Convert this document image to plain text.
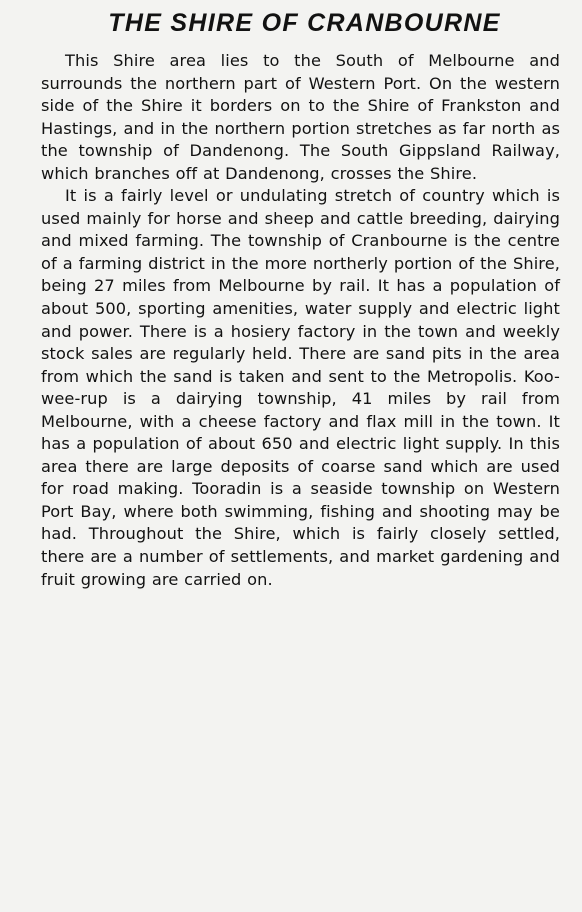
THE SHIRE OF CRANBOURNE

This Shire area lies to the South of Melbourne and surrounds the northern part of Western Port. On the western side of the Shire it borders on to the Shire of Frankston and Hastings, and in the northern portion stretches as far north as the township of Dandenong. The South Gippsland Railway, which branches off at Dandenong, crosses the Shire.

It is a fairly level or undulating stretch of country which is used mainly for horse and sheep and cattle breeding, dairying and mixed farming. The township of Cranbourne is the centre of a farming district in the more northerly portion of the Shire, being 27 miles from Melbourne by rail. It has a population of about 500, sporting amenities, water supply and electric light and power. There is a hosiery factory in the town and weekly stock sales are regularly held. There are sand pits in the area from which the sand is taken and sent to the Metropolis. Koo-wee-rup is a dairying township, 41 miles by rail from Melbourne, with a cheese factory and flax mill in the town. It has a population of about 650 and electric light supply. In this area there are large deposits of coarse sand which are used for road making. Tooradin is a seaside township on Western Port Bay, where both swimming, fishing and shooting may be had. Throughout the Shire, which is fairly closely settled, there are a number of settlements, and market gardening and fruit growing are carried on.
